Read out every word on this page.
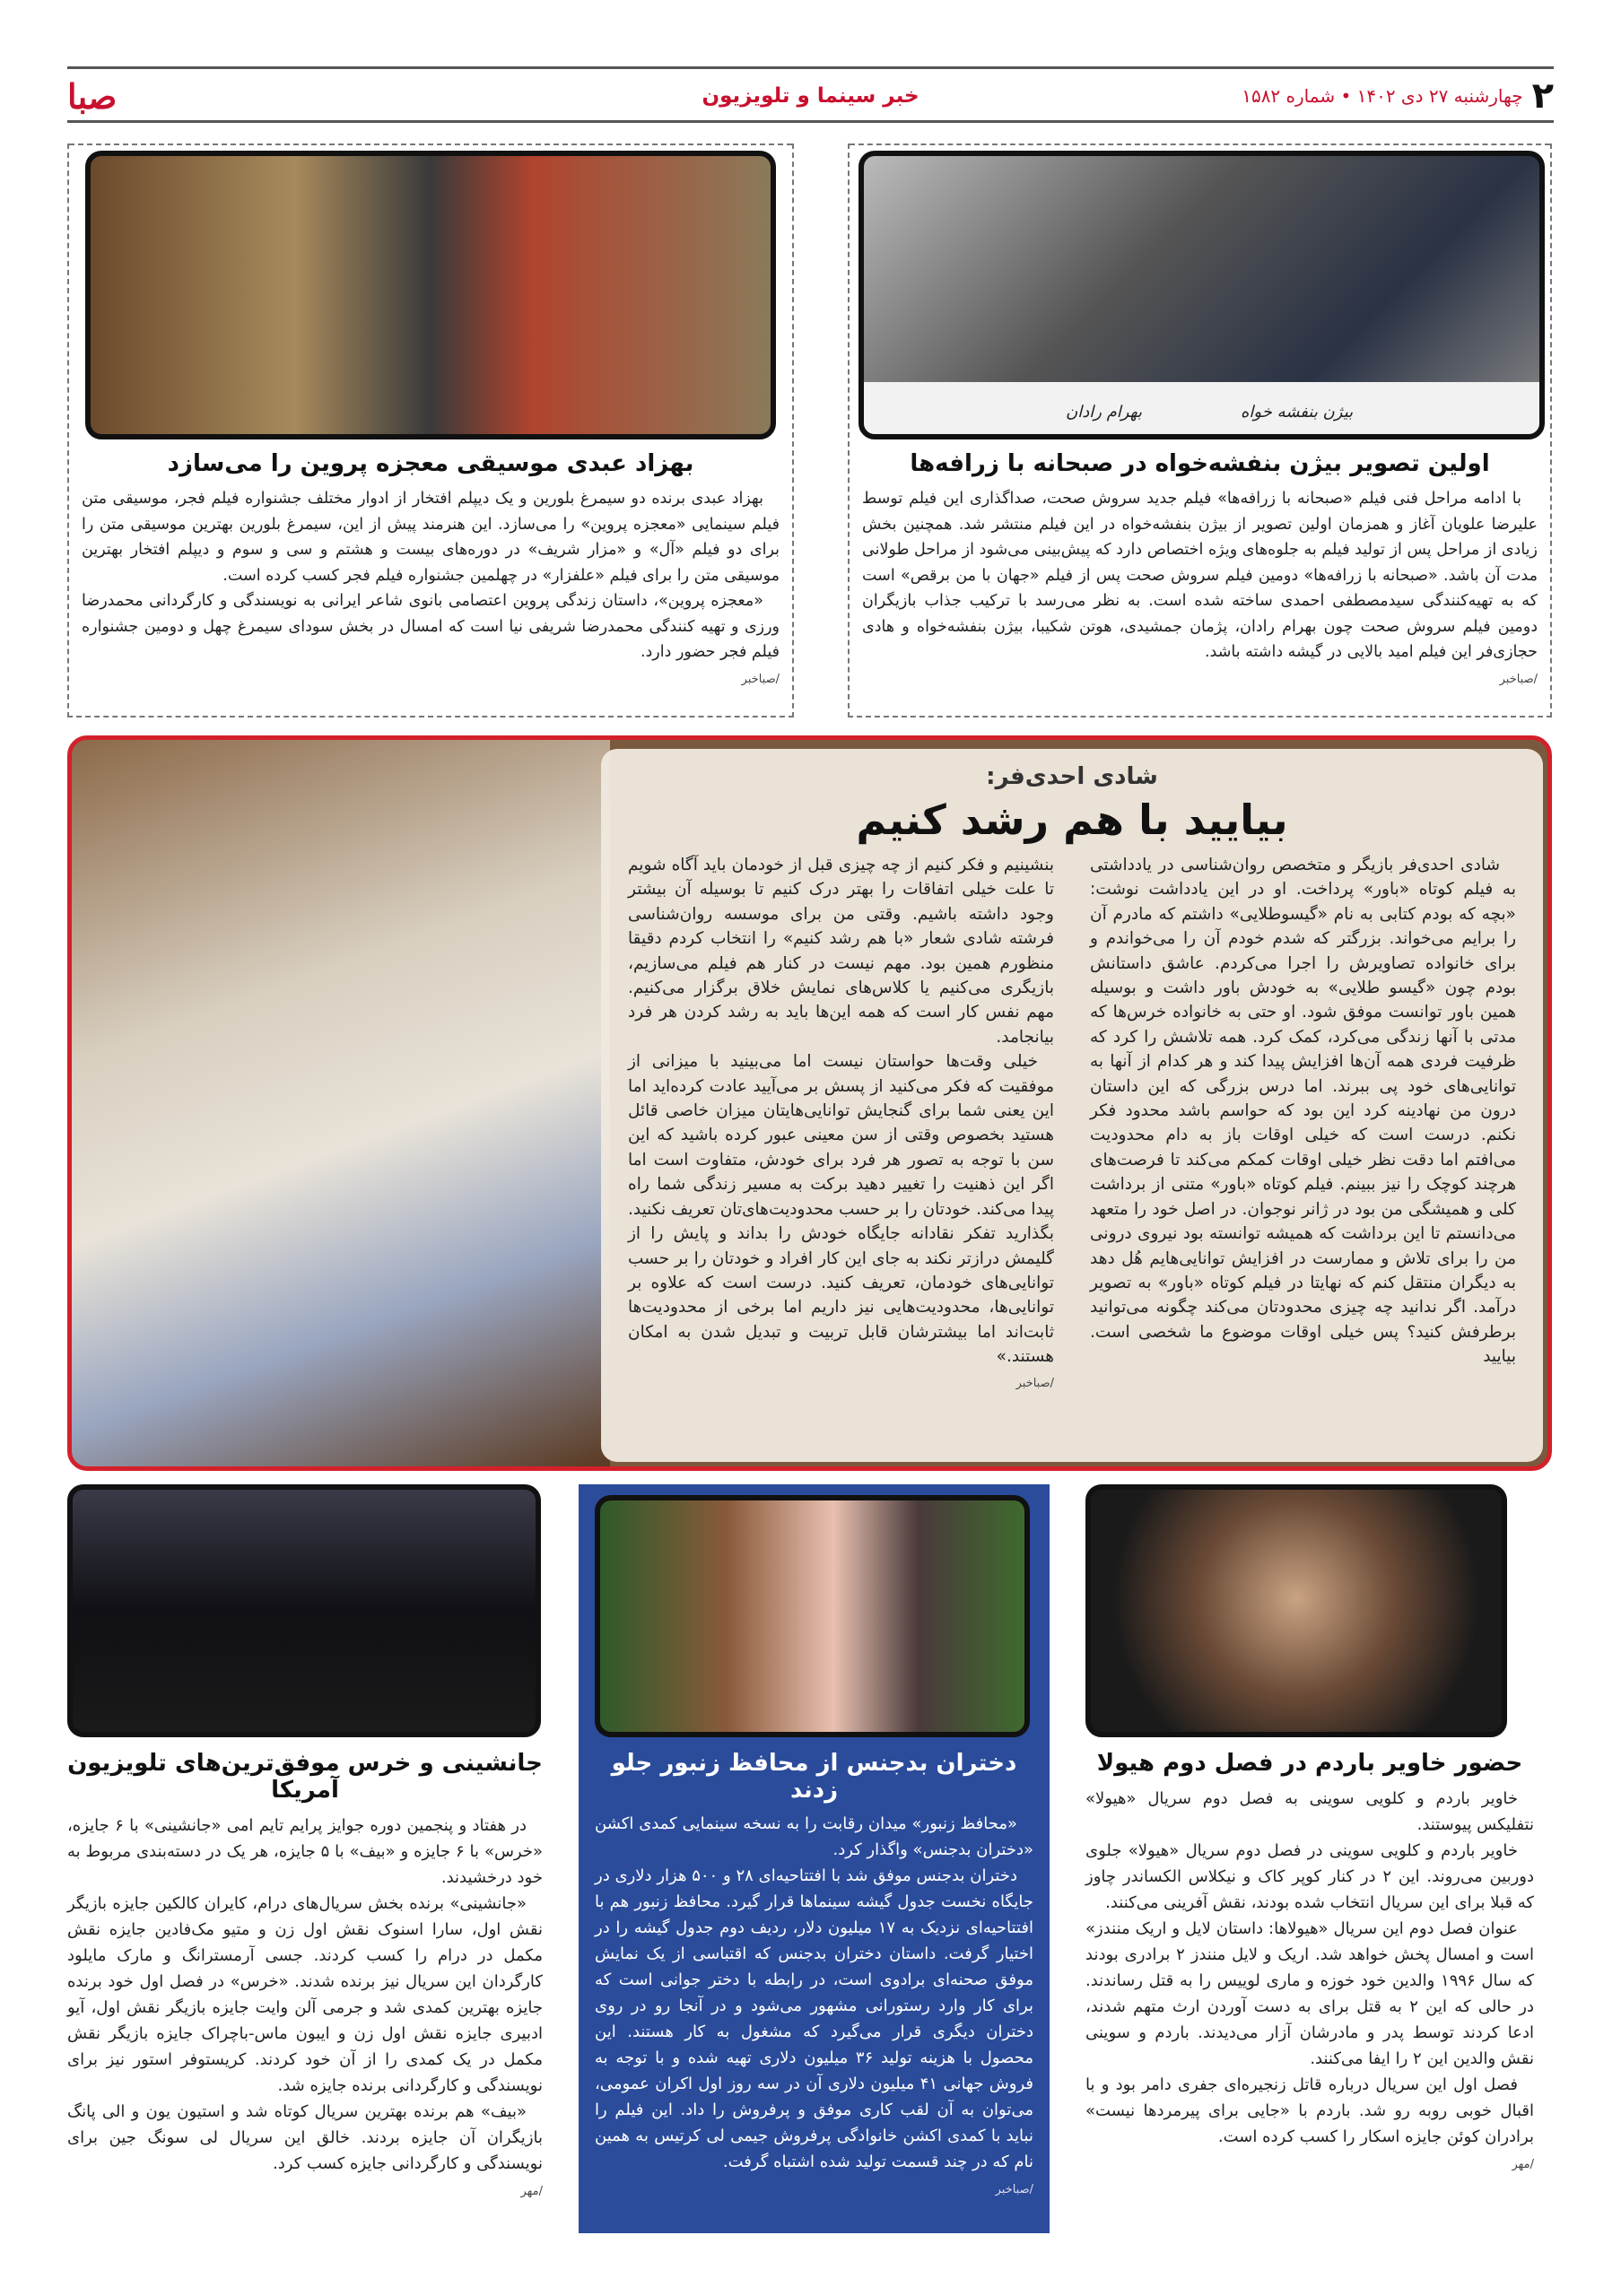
۲
چهارشنبه ۲۷ دی ۱۴۰۲ • شماره ۱۵۸۲
خبر سینما و تلویزیون
صبا
بهرام رادان	بیژن بنفشه خواه
اولین تصویر بیژن بنفشه‌خواه در صبحانه با زرافه‌ها

با ادامه مراحل فنی فیلم «صبحانه با زرافه‌ها» فیلم جدید سروش صحت، صداگذاری این فیلم توسط علیرضا علویان آغاز و همزمان اولین تصویر از بیژن بنفشه‌خواه در این فیلم منتشر شد. همچنین بخش زیادی از مراحل پس از تولید فیلم به جلوه‌های ویژه اختصاص دارد که پیش‌بینی می‌شود از مراحل طولانی مدت آن باشد. «صبحانه با زرافه‌ها» دومین فیلم سروش صحت پس از فیلم «جهان با من برقص» است که به تهیه‌کنندگی سیدمصطفی احمدی ساخته شده است. به نظر می‌رسد با ترکیب جذاب بازیگران دومین فیلم سروش صحت چون بهرام رادان، پژمان جمشیدی، هوتن شکیبا، بیژن بنفشه‌خواه و هادی حجازی‌فر این فیلم امید بالایی در گیشه داشته باشد.

/صباخبر
بهزاد عبدی موسیقی معجزه پروین را می‌سازد

بهزاد عبدی برنده دو سیمرغ بلورین و یک دیپلم افتخار از ادوار مختلف جشنواره فیلم فجر، موسیقی متن فیلم سینمایی «معجزه پروین» را می‌سازد. این هنرمند پیش از این، سیمرغ بلورین بهترین موسیقی متن را برای دو فیلم «آل» و «مزار شریف» در دوره‌های بیست و هشتم و سی و سوم و دیپلم افتخار بهترین موسیقی متن را برای فیلم «علفزار» در چهلمین جشنواره فیلم فجر کسب کرده است.

«معجزه پروین»، داستان زندگی پروین اعتصامی بانوی شاعر ایرانی به نویسندگی و کارگردانی محمدرضا ورزی و تهیه کنندگی محمدرضا شریفی نیا است که امسال در بخش سودای سیمرغ چهل و دومین جشنواره فیلم فجر حضور دارد.

/صباخبر
شادی احدی‌فر:
بیایید با هم رشد کنیم

شادی احدی‌فر بازیگر و متخصص روان‌شناسی در یادداشتی به فیلم کوتاه «باور» پرداخت. او در این یادداشت نوشت: «بچه که بودم کتابی به نام «گیسوطلایی» داشتم که مادرم آن را برایم می‌خواند. بزرگتر که شدم خودم آن را می‌خواندم و برای خانواده تصاویرش را اجرا می‌کردم. عاشق داستانش بودم چون «گیسو طلایی» به خودش باور داشت و بوسیله همین باور توانست موفق شود. او حتی به خانواده خرس‌ها که مدتی با آنها زندگی می‌کرد، کمک کرد. همه تلاشش را کرد که ظرفیت فردی همه آن‌ها افزایش پیدا کند و هر کدام از آنها به توانایی‌های خود پی ببرند. اما درس بزرگی که این داستان درون من نهادینه کرد این بود که حواسم باشد محدود فکر نکنم. درست است که خیلی اوقات باز به دام محدودیت می‌افتم اما دقت نظر خیلی اوقات کمکم می‌کند تا فرصت‌های هرچند کوچک را نیز ببینم. فیلم کوتاه «باور» متنی از برداشت کلی و همیشگی من بود در ژانر نوجوان. در اصل خود را متعهد می‌دانستم تا این برداشت که همیشه توانسته بود نیروی درونی من را برای تلاش و ممارست در افزایش توانایی‌هایم هُل دهد به دیگران منتقل کنم که نهایتا در فیلم کوتاه «باور» به تصویر درآمد. اگر ندانید چه چیزی محدودتان می‌کند چگونه می‌توانید برطرفش کنید؟ پس خیلی اوقات موضوع ما شخصی است. بیایید

بنشینیم و فکر کنیم از چه چیزی قبل از خودمان باید آگاه شویم تا علت خیلی اتفاقات را بهتر درک کنیم تا بوسیله آن بیشتر وجود داشته باشیم. وقتی من برای موسسه روان‌شناسی فرشته شادی شعار «با هم رشد کنیم» را انتخاب کردم دقیقا منظورم همین بود. مهم نیست در کنار هم فیلم می‌سازیم، بازیگری می‌کنیم یا کلاس‌های نمایش خلاق برگزار می‌کنیم. مهم نفس کار است که همه این‌ها باید به رشد کردن هر فرد بیانجامد.

خیلی وقت‌ها حواستان نیست اما می‌بینید با میزانی از موفقیت که فکر می‌کنید از پسش بر می‌آیید عادت کرده‌اید اما این یعنی شما برای گنجایش توانایی‌هایتان میزان خاصی قائل هستید بخصوص وقتی از سن معینی عبور کرده باشید که این سن با توجه به تصور هر فرد برای خودش، متفاوت است اما اگر این ذهنیت را تغییر دهید برکت به مسیر زندگی شما راه پیدا می‌کند. خودتان را بر حسب محدودیت‌های‌تان تعریف نکنید. بگذارید تفکر نقادانه جایگاه خودش را بداند و پایش را از گلیمش درازتر نکند به جای این کار افراد و خودتان را بر حسب توانایی‌های خودمان، تعریف کنید. درست است که علاوه بر توانایی‌ها، محدودیت‌هایی نیز داریم اما برخی از محدودیت‌ها ثابت‌اند اما بیشترشان قابل تربیت و تبدیل شدن به امکان هستند.»

/صباخبر
حضور خاویر باردم در فصل دوم هیولا

خاویر باردم و کلویی سوینی به فصل دوم سریال «هیولا» نتفلیکس پیوستند.

خاویر باردم و کلویی سوینی در فصل دوم سریال «هیولا» جلوی دوربین می‌روند. این ۲ در کنار کوپر کاک و نیکلاس الکساندر چاوز که قبلا برای این سریال انتخاب شده بودند، نقش آفرینی می‌کنند.

عنوان فصل دوم این سریال «هیولاها: داستان لایل و اریک منندز» است و امسال پخش خواهد شد. اریک و لایل منندز ۲ برادری بودند که سال ۱۹۹۶ والدین خود خوزه و ماری لوییس را به قتل رساندند. در حالی که این ۲ به قتل برای به دست آوردن ارث متهم شدند، ادعا کردند توسط پدر و مادرشان آزار می‌دیدند. باردم و سوینی نقش والدین این ۲ را ایفا می‌کنند.

فصل اول این سریال درباره قاتل زنجیره‌ای جفری دامر بود و با اقبال خوبی روبه رو شد. باردم با «جایی برای پیرمردها نیست» برادران کوئن جایزه اسکار را کسب کرده است.

/مهر
دختران بدجنس از محافظ زنبور جلو زدند

«محافظ زنبور» میدان رقابت را به نسخه سینمایی کمدی اکشن «دختران بدجنس» واگذار کرد.

دختران بدجنس موفق شد با افتتاحیه‌ای ۲۸ و ۵۰۰ هزار دلاری در جایگاه نخست جدول گیشه سینماها قرار گیرد. محافظ زنبور هم با افتتاحیه‌ای نزدیک به ۱۷ میلیون دلار، ردیف دوم جدول گیشه را در اختیار گرفت. داستان دختران بدجنس که اقتباسی از یک نمایش موفق صحنه‌ای برادوی است، در رابطه با دختر جوانی است که برای کار وارد رستورانی مشهور می‌شود و در آنجا رو در روی دختران دیگری قرار می‌گیرد که مشغول به کار هستند. این محصول با هزینه تولید ۳۶ میلیون دلاری تهیه شده و با توجه به فروش جهانی ۴۱ میلیون دلاری آن در سه روز اول اکران عمومی، می‌توان به آن لقب کاری موفق و پرفروش را داد. این فیلم را نباید با کمدی اکشن خانوادگی پرفروش جیمی لی کرتیس به همین نام که در چند قسمت تولید شده اشتباه گرفت.

/صباخبر
جانشینی و خرس موفق‌ترین‌های تلویزیون آمریکا

در هفتاد و پنجمین دوره جوایز پرایم تایم امی «جانشینی» با ۶ جایزه، «خرس» با ۶ جایزه و «بیف» با ۵ جایزه، هر یک در دسته‌بندی مربوط به خود درخشیدند.

«جانشینی» برنده بخش سریال‌های درام، کایران کالکین جایزه بازیگر نقش اول، سارا اسنوک نقش اول زن و متیو مک‌فادین جایزه نقش مکمل در درام را کسب کردند. جسی آرمسترانگ و مارک مایلود کارگردان این سریال نیز برنده شدند. «خرس» در فصل اول خود برنده جایزه بهترین کمدی شد و جرمی آلن وایت جایزه بازیگر نقش اول، آیو ادبیری جایزه نقش اول زن و ایبون ماس-باچراک جایزه بازیگر نقش مکمل در یک کمدی را از آن خود کردند. کریستوفر استور نیز برای نویسندگی و کارگردانی برنده جایزه شد.

«بیف» هم برنده بهترین سریال کوتاه شد و استیون یون و الی پانگ بازیگران آن جایزه بردند. خالق این سریال لی سونگ جین برای نویسندگی و کارگردانی جایزه کسب کرد.

/مهر
